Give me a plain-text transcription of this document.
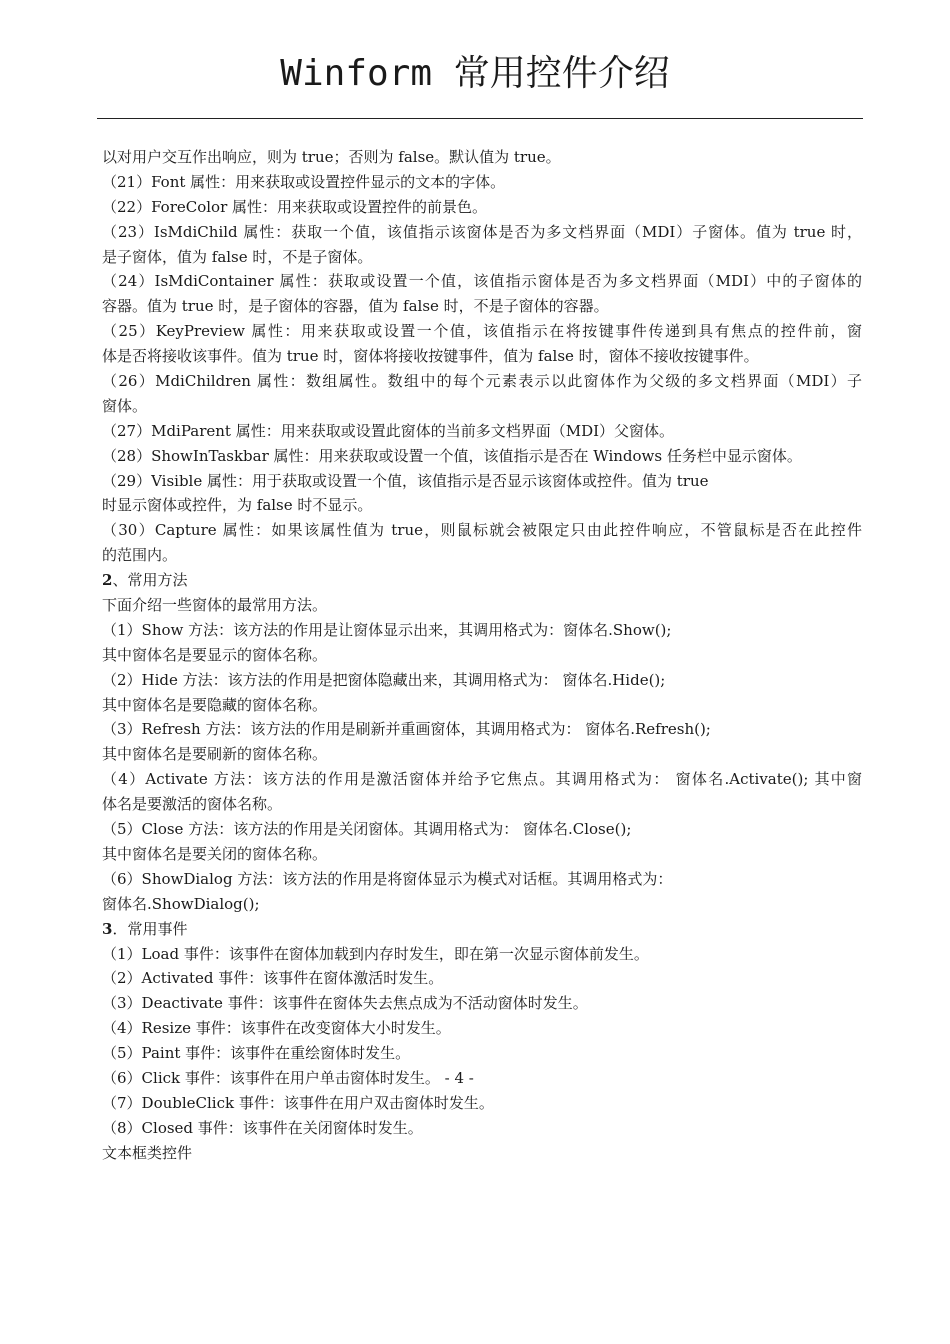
Winform 常用控件介绍
以对用户交互作出响应，则为 true；否则为 false。默认值为 true。
（21）Font 属性：用来获取或设置控件显示的文本的字体。
（22）ForeColor 属性：用来获取或设置控件的前景色。
（23）IsMdiChild 属性：获取一个值，该值指示该窗体是否为多文档界面（MDI）子窗体。值为 true 时，
是子窗体，值为 false 时，不是子窗体。
（24）IsMdiContainer 属性：获取或设置一个值，该值指示窗体是否为多文档界面（MDI）中的子窗体的
容器。值为 true 时，是子窗体的容器，值为 false 时，不是子窗体的容器。
（25）KeyPreview 属性：用来获取或设置一个值，该值指示在将按键事件传递到具有焦点的控件前，窗
体是否将接收该事件。值为 true 时，窗体将接收按键事件，值为 false 时，窗体不接收按键事件。
（26）MdiChildren 属性：数组属性。数组中的每个元素表示以此窗体作为父级的多文档界面（MDI）子
窗体。
（27）MdiParent 属性：用来获取或设置此窗体的当前多文档界面（MDI）父窗体。
（28）ShowInTaskbar 属性：用来获取或设置一个值，该值指示是否在 Windows 任务栏中显示窗体。
（29）Visible 属性：用于获取或设置一个值，该值指示是否显示该窗体或控件。值为 true
时显示窗体或控件，为 false 时不显示。
（30）Capture 属性：如果该属性值为 true，则鼠标就会被限定只由此控件响应，不管鼠标是否在此控件
的范围内。
2、常用方法
下面介绍一些窗体的最常用方法。
（1）Show 方法：该方法的作用是让窗体显示出来，其调用格式为：窗体名.Show();
其中窗体名是要显示的窗体名称。
（2）Hide 方法：该方法的作用是把窗体隐藏出来，其调用格式为： 窗体名.Hide();
其中窗体名是要隐藏的窗体名称。
（3）Refresh 方法：该方法的作用是刷新并重画窗体，其调用格式为： 窗体名.Refresh();
其中窗体名是要刷新的窗体名称。
（4）Activate 方法：该方法的作用是激活窗体并给予它焦点。其调用格式为： 窗体名.Activate(); 其中窗
体名是要激活的窗体名称。
（5）Close 方法：该方法的作用是关闭窗体。其调用格式为： 窗体名.Close();
其中窗体名是要关闭的窗体名称。
（6）ShowDialog 方法：该方法的作用是将窗体显示为模式对话框。其调用格式为：
窗体名.ShowDialog();
3．常用事件
（1）Load 事件：该事件在窗体加载到内存时发生，即在第一次显示窗体前发生。
（2）Activated 事件：该事件在窗体激活时发生。
（3）Deactivate 事件：该事件在窗体失去焦点成为不活动窗体时发生。
（4）Resize 事件：该事件在改变窗体大小时发生。
（5）Paint 事件：该事件在重绘窗体时发生。
（6）Click 事件：该事件在用户单击窗体时发生。 - 4 -
（7）DoubleClick 事件：该事件在用户双击窗体时发生。
（8）Closed 事件：该事件在关闭窗体时发生。
文本框类控件
